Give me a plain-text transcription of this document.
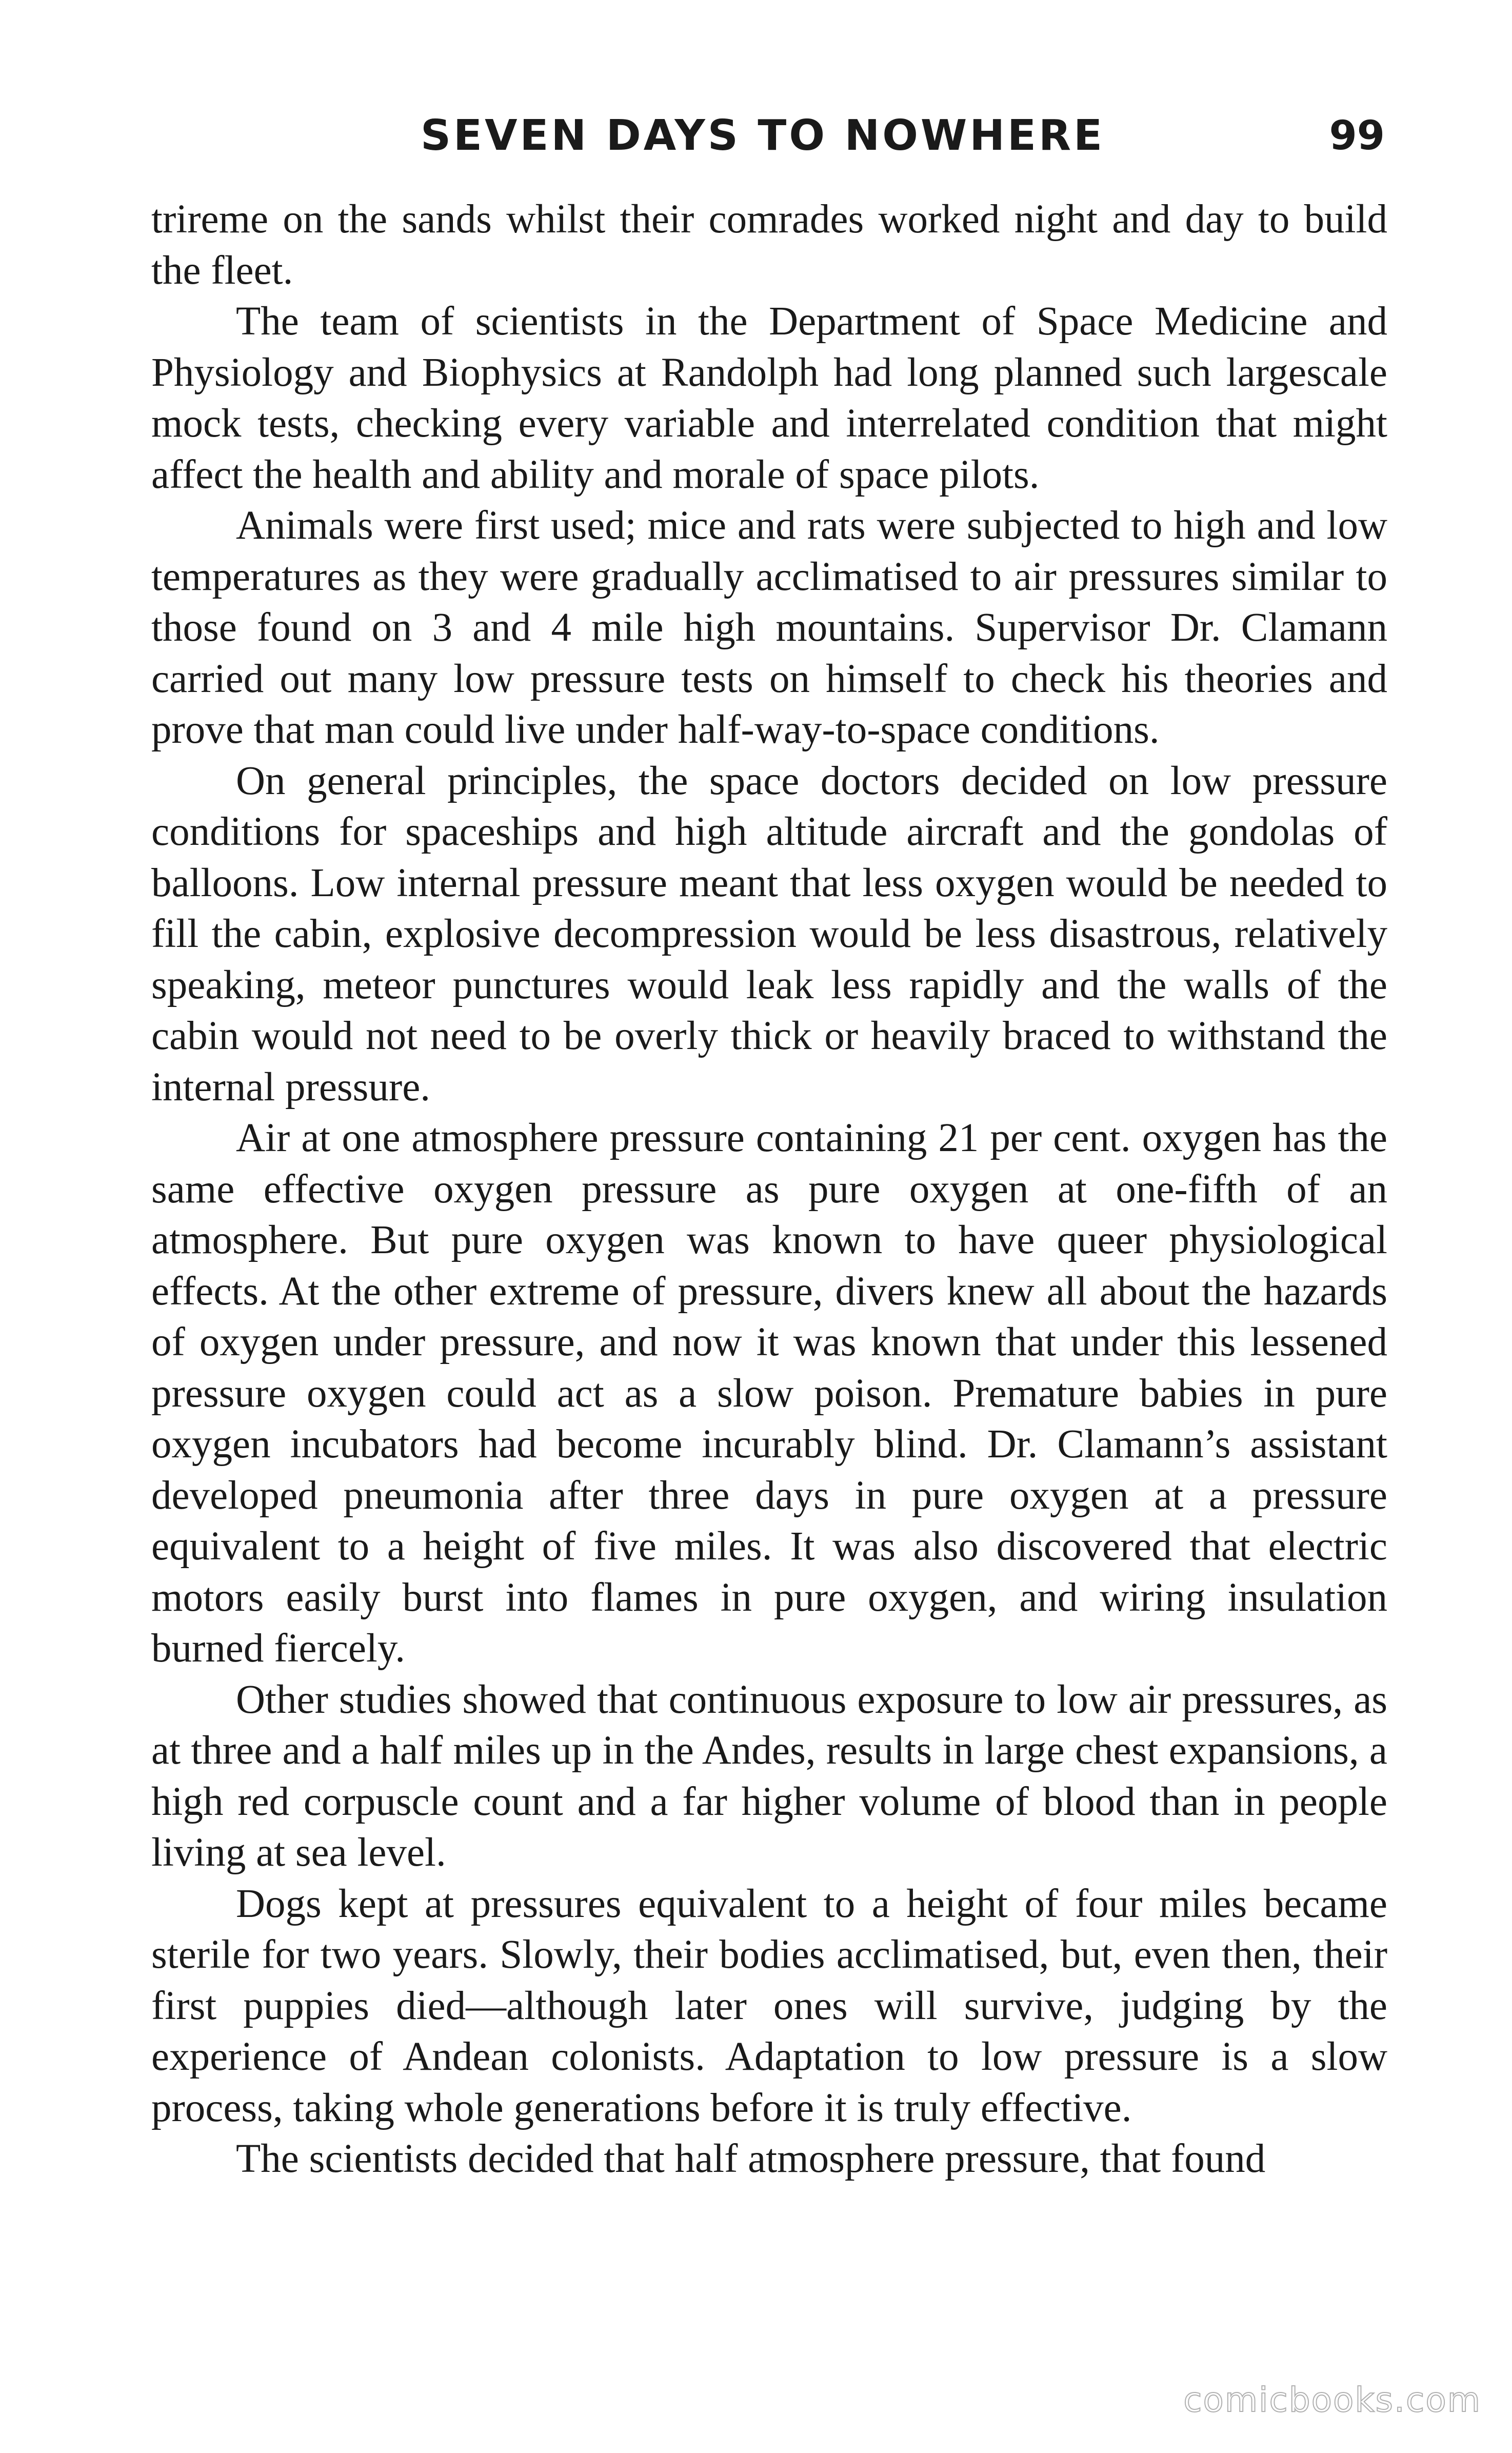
SEVEN DAYS TO NOWHERE	99

trireme on the sands whilst their comrades worked night and day to build the fleet.

The team of scientists in the Department of Space Medicine and Physiology and Biophysics at Randolph had long planned such largescale mock tests, checking every variable and interrelated condition that might affect the health and ability and morale of space pilots.

Animals were first used; mice and rats were subjected to high and low temperatures as they were gradually acclimatised to air pressures similar to those found on 3 and 4 mile high mountains. Supervisor Dr. Clamann carried out many low pressure tests on himself to check his theories and prove that man could live under half-way-to-space conditions.

On general principles, the space doctors decided on low pressure conditions for spaceships and high altitude aircraft and the gondolas of balloons. Low internal pressure meant that less oxygen would be needed to fill the cabin, explosive decompression would be less disastrous, relatively speaking, meteor punctures would leak less rapidly and the walls of the cabin would not need to be overly thick or heavily braced to withstand the internal pressure.

Air at one atmosphere pressure containing 21 per cent. oxygen has the same effective oxygen pressure as pure oxygen at one-fifth of an atmosphere. But pure oxygen was known to have queer physiological effects. At the other extreme of pressure, divers knew all about the hazards of oxygen under pressure, and now it was known that under this lessened pressure oxygen could act as a slow poison. Premature babies in pure oxygen incubators had become incurably blind. Dr. Clamann’s assistant developed pneumonia after three days in pure oxygen at a pressure equivalent to a height of five miles. It was also discovered that electric motors easily burst into flames in pure oxygen, and wiring insulation burned fiercely.

Other studies showed that continuous exposure to low air pressures, as at three and a half miles up in the Andes, results in large chest expansions, a high red corpuscle count and a far higher volume of blood than in people living at sea level.

Dogs kept at pressures equivalent to a height of four miles became sterile for two years. Slowly, their bodies acclimatised, but, even then, their first puppies died—although later ones will survive, judging by the experience of Andean colonists. Adaptation to low pressure is a slow process, taking whole generations before it is truly effective.

The scientists decided that half atmosphere pressure, that found

comicbooks.com
